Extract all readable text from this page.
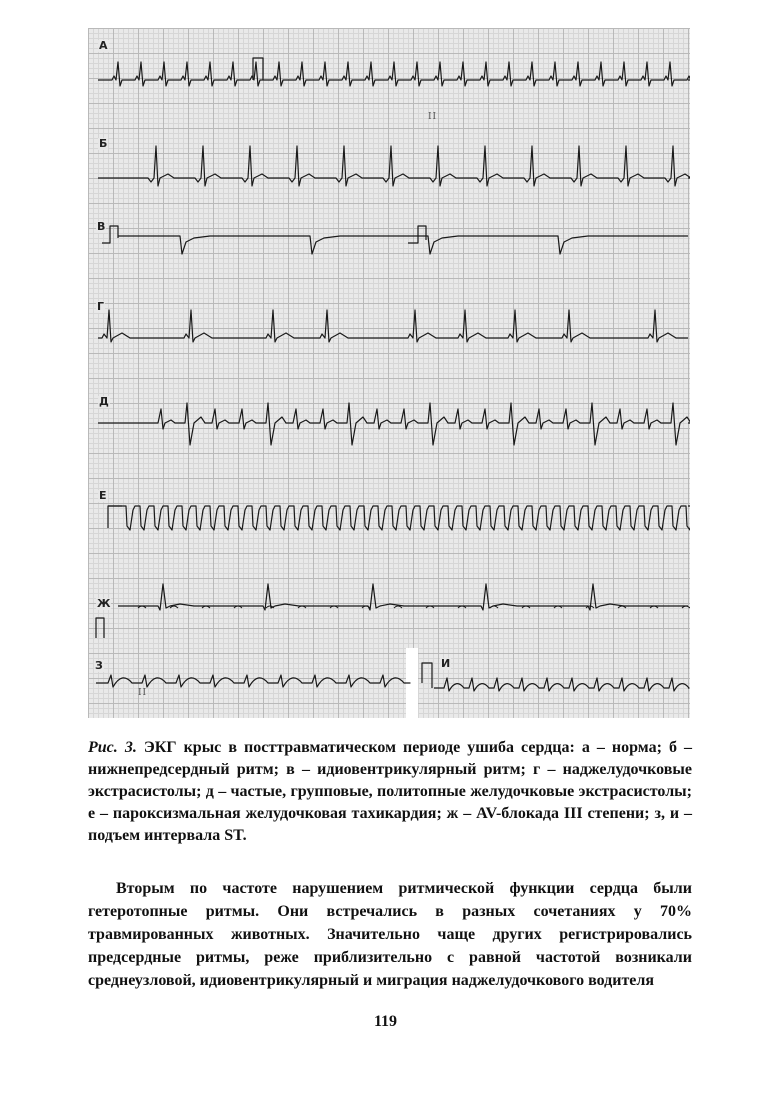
А
Б
В
Г
Д
Е
Ж
З	И
II
II
Рис. 3. ЭКГ крыс в посттравматическом периоде ушиба сердца: а – норма; б – нижнепредсердный ритм; в – идиовентрикулярный ритм; г – наджелудочковые экстрасистолы; д – частые, групповые, политопные желудочковые экстрасистолы; е – пароксизмальная желудочковая тахикардия; ж – AV-блокада III степени; з, и – подъем интервала ST.
Вторым по частоте нарушением ритмической функции сердца были гетеротопные ритмы. Они встречались в разных сочетаниях у 70% травмированных животных. Значительно чаще других регистрировались предсердные ритмы, реже приблизительно с равной частотой возникали среднеузловой, идиовентрикулярный и миграция наджелудочкового водителя
119
